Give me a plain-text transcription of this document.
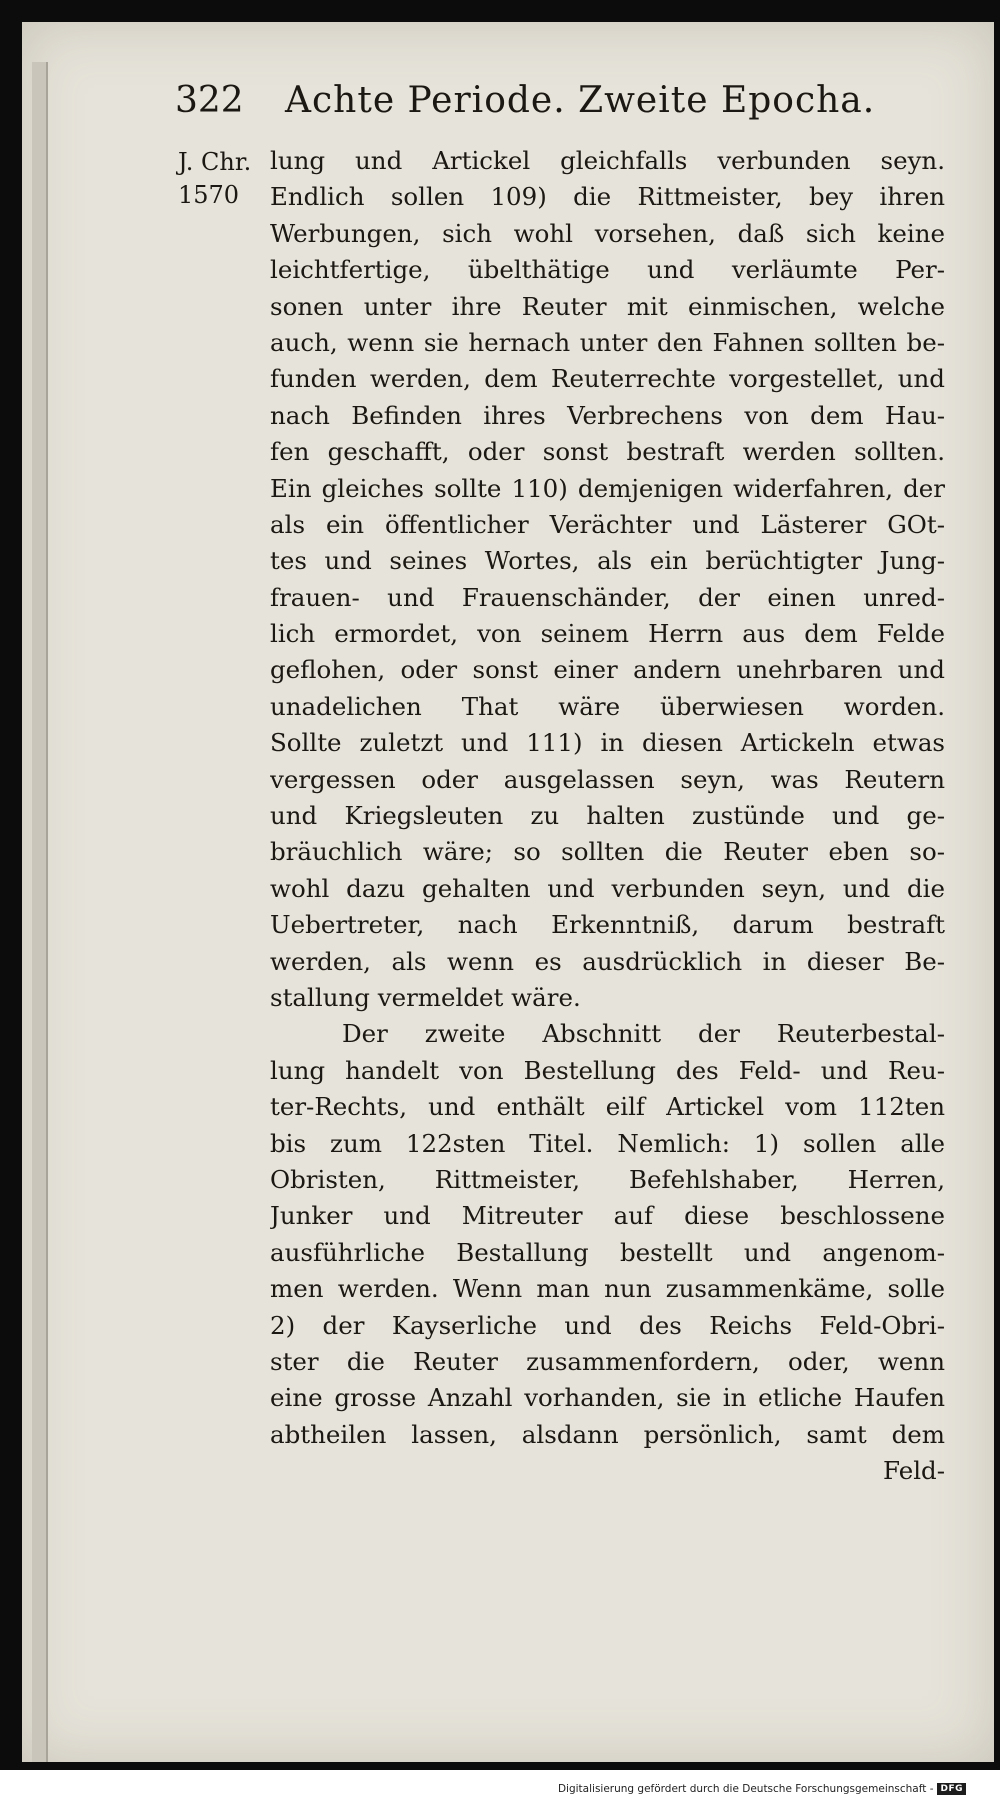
322 Achte Periode. Zweite Epocha.
J. Chr.
1570
lung und Artickel gleichfalls verbunden seyn.
Endlich sollen 109) die Rittmeister, bey ihren
Werbungen, sich wohl vorsehen, daß sich keine
leichtfertige, übelthätige und verläumte Per-
sonen unter ihre Reuter mit einmischen, welche
auch, wenn sie hernach unter den Fahnen sollten be-
funden werden, dem Reuterrechte vorgestellet, und
nach Befinden ihres Verbrechens von dem Hau-
fen geschafft, oder sonst bestraft werden sollten.
Ein gleiches sollte 110) demjenigen widerfahren, der
als ein öffentlicher Verächter und Lästerer GOt-
tes und seines Wortes, als ein berüchtigter Jung-
frauen- und Frauenschänder, der einen unred-
lich ermordet, von seinem Herrn aus dem Felde
geflohen, oder sonst einer andern unehrbaren und
unadelichen That wäre überwiesen worden.
Sollte zuletzt und 111) in diesen Artickeln etwas
vergessen oder ausgelassen seyn, was Reutern
und Kriegsleuten zu halten zustünde und ge-
bräuchlich wäre; so sollten die Reuter eben so-
wohl dazu gehalten und verbunden seyn, und die
Uebertreter, nach Erkenntniß, darum bestraft
werden, als wenn es ausdrücklich in dieser Be-
stallung vermeldet wäre.
Der zweite Abschnitt der Reuterbestal-
lung handelt von Bestellung des Feld- und Reu-
ter-Rechts, und enthält eilf Artickel vom 112ten
bis zum 122sten Titel. Nemlich: 1) sollen alle
Obristen, Rittmeister, Befehlshaber, Herren,
Junker und Mitreuter auf diese beschlossene
ausführliche Bestallung bestellt und angenom-
men werden. Wenn man nun zusammenkäme, solle
2) der Kayserliche und des Reichs Feld-Obri-
ster die Reuter zusammenfordern, oder, wenn
eine grosse Anzahl vorhanden, sie in etliche Haufen
abtheilen lassen, alsdann persönlich, samt dem
Feld-
Digitalisierung gefördert durch die Deutsche Forschungsgemeinschaft - DFG
